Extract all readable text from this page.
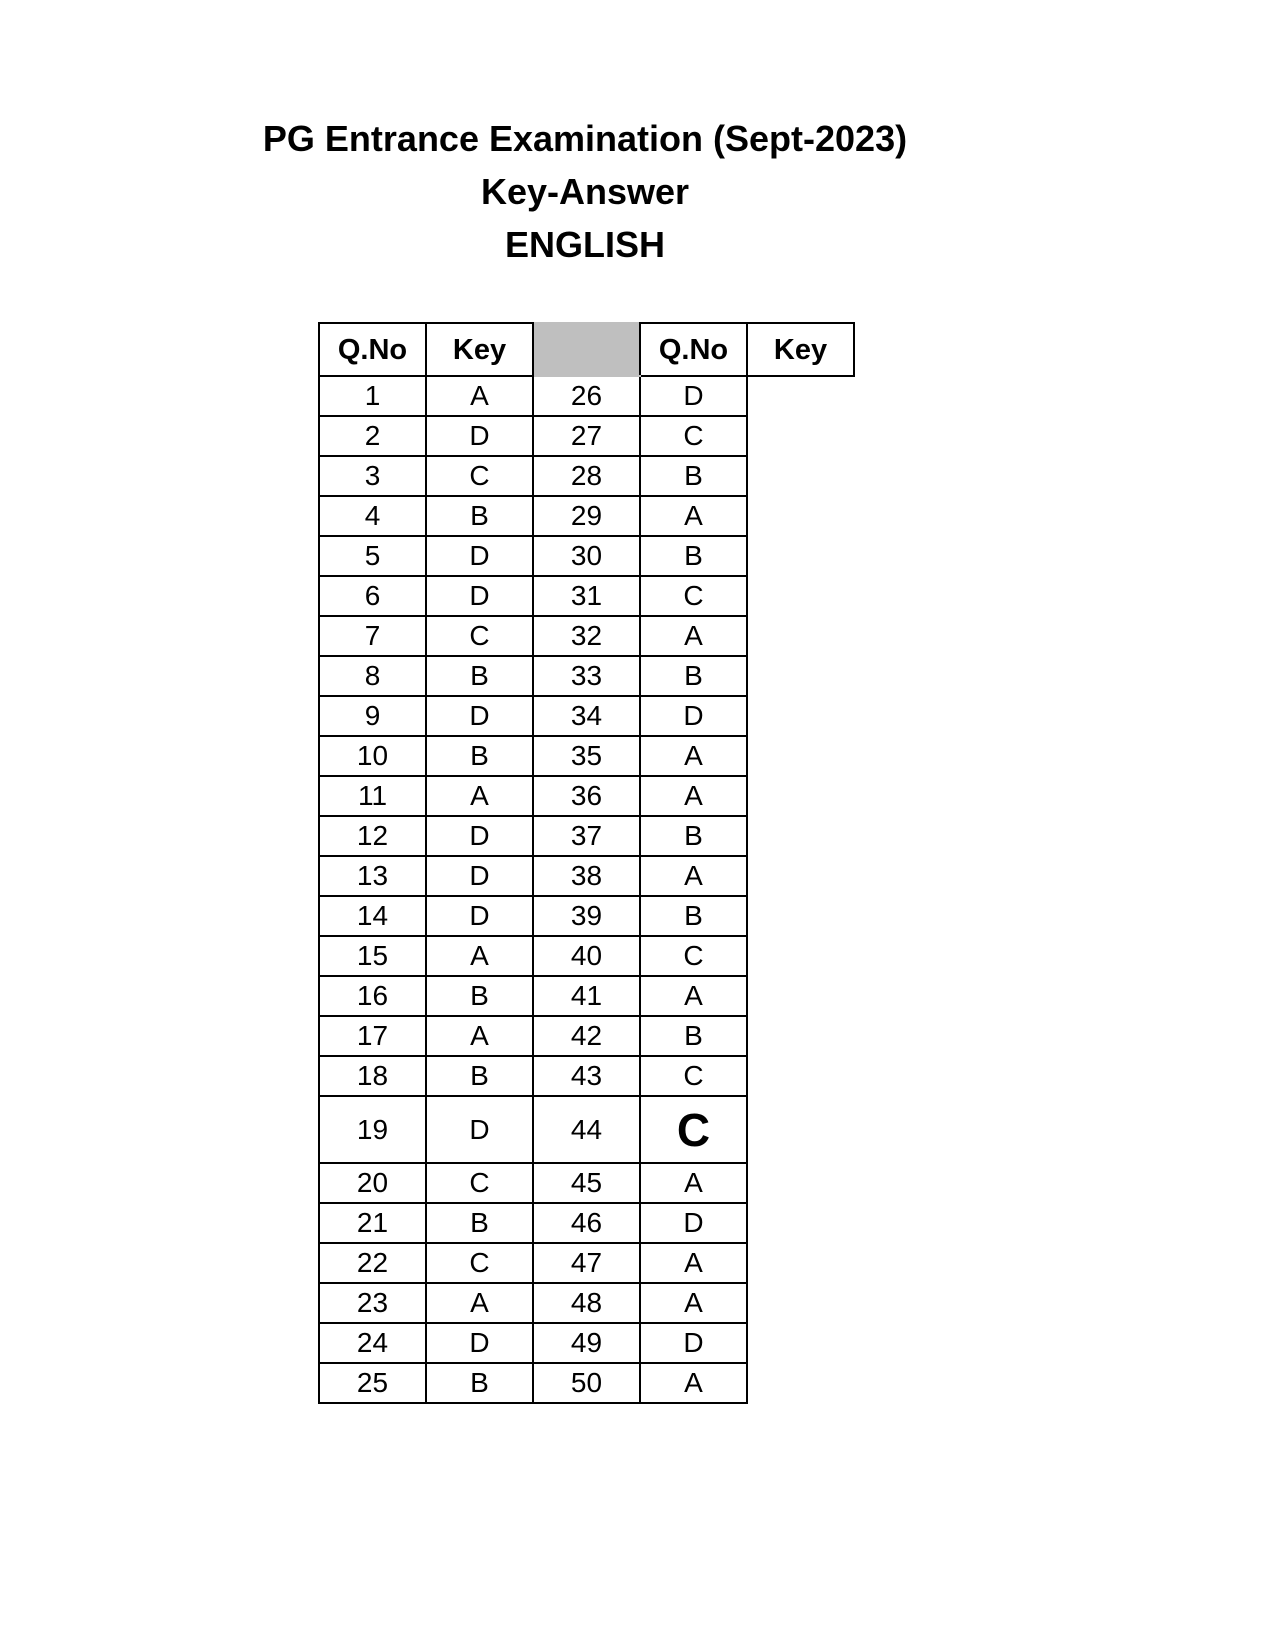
PG Entrance Examination (Sept-2023)
Key-Answer
ENGLISH
Q.No	Key		Q.No	Key
1	A	26	D	
2	D	27	C	
3	C	28	B	
4	B	29	A	
5	D	30	B	
6	D	31	C	
7	C	32	A	
8	B	33	B	
9	D	34	D	
10	B	35	A	
11	A	36	A	
12	D	37	B	
13	D	38	A	
14	D	39	B	
15	A	40	C	
16	B	41	A	
17	A	42	B	
18	B	43	C	
19	D	44	C	
20	C	45	A	
21	B	46	D	
22	C	47	A	
23	A	48	A	
24	D	49	D	
25	B	50	A	
